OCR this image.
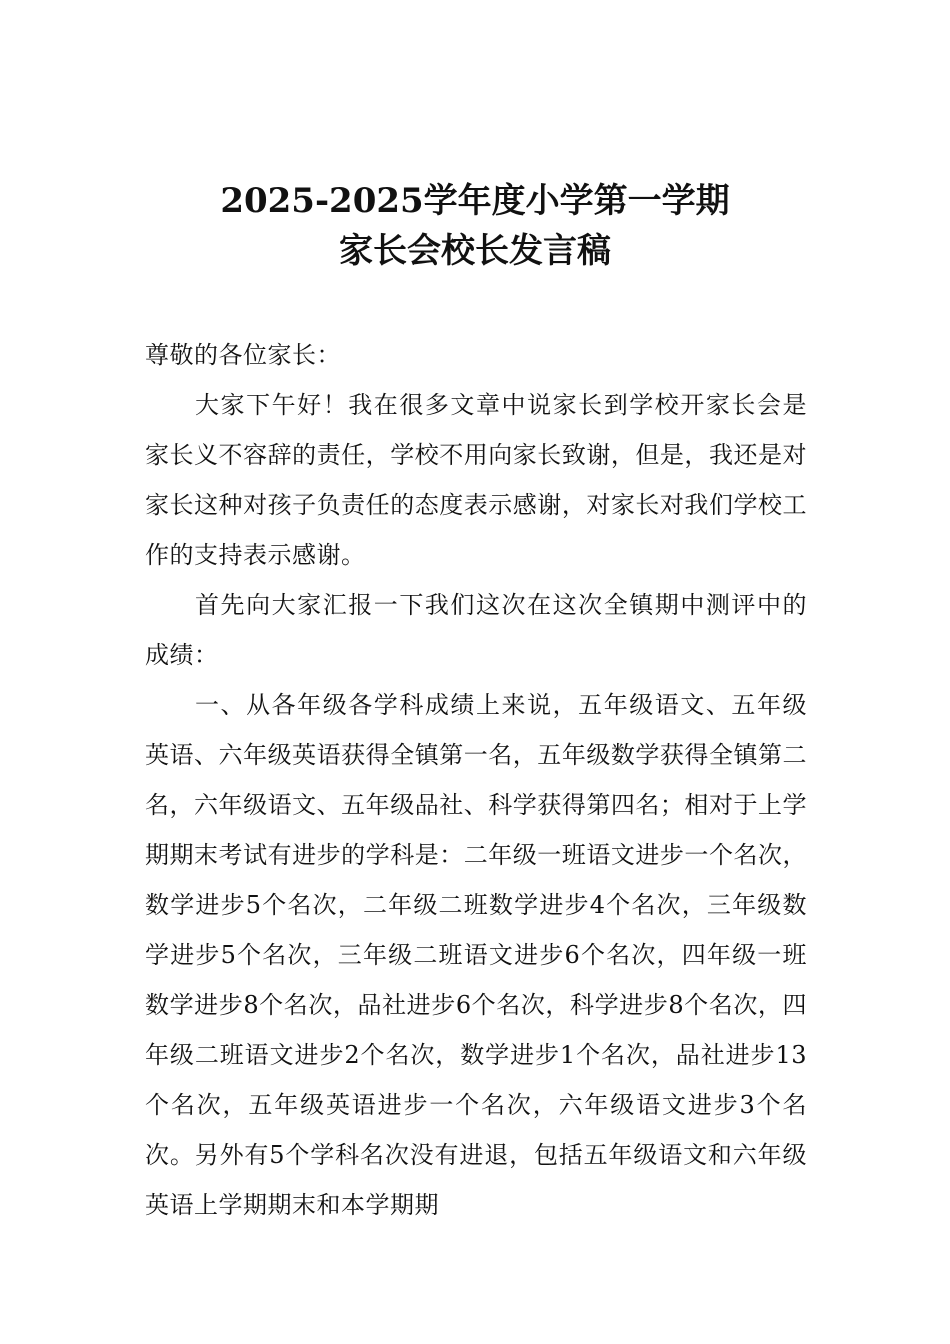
2025-2025学年度小学第一学期
家长会校长发言稿

尊敬的各位家长：

大家下午好！我在很多文章中说家长到学校开家长会是家长义不容辞的责任，学校不用向家长致谢，但是，我还是对家长这种对孩子负责任的态度表示感谢，对家长对我们学校工作的支持表示感谢。

首先向大家汇报一下我们这次在这次全镇期中测评中的成绩：

一、从各年级各学科成绩上来说，五年级语文、五年级英语、六年级英语获得全镇第一名，五年级数学获得全镇第二名，六年级语文、五年级品社、科学获得第四名；相对于上学期期末考试有进步的学科是：二年级一班语文进步一个名次，数学进步5个名次，二年级二班数学进步4个名次，三年级数学进步5个名次，三年级二班语文进步6个名次，四年级一班数学进步8个名次，品社进步6个名次，科学进步8个名次，四年级二班语文进步2个名次，数学进步1个名次，品社进步13个名次，五年级英语进步一个名次，六年级语文进步3个名次。另外有5个学科名次没有进退，包括五年级语文和六年级英语上学期期末和本学期期
